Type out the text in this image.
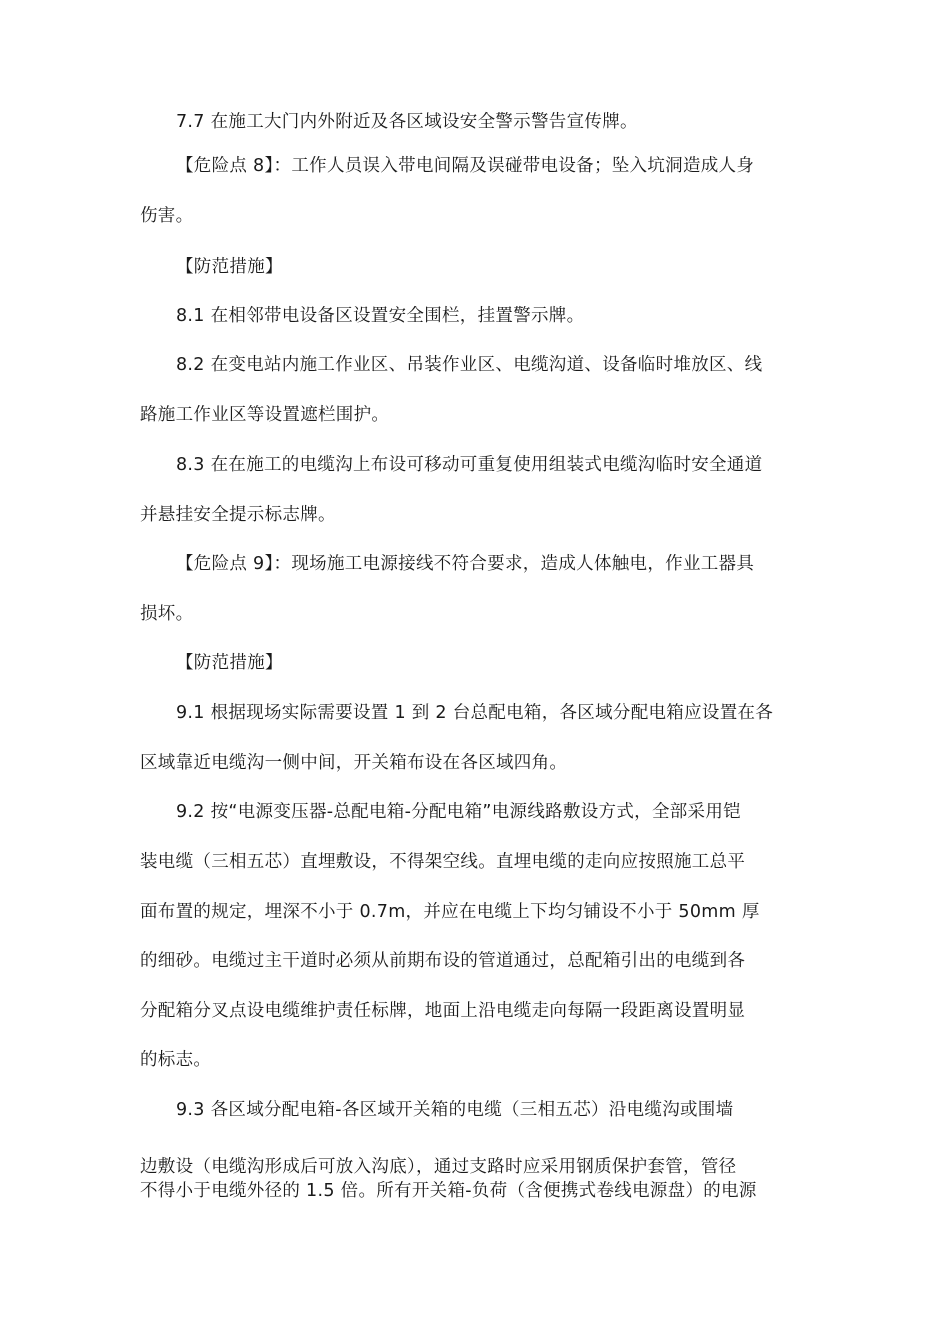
7.7 在施工大门内外附近及各区域设安全警示警告宣传牌。
【危险点 8】：工作人员误入带电间隔及误碰带电设备；坠入坑洞造成人身
伤害。
【防范措施】
8.1 在相邻带电设备区设置安全围栏，挂置警示牌。
8.2 在变电站内施工作业区、吊装作业区、电缆沟道、设备临时堆放区、线
路施工作业区等设置遮栏围护。
8.3 在在施工的电缆沟上布设可移动可重复使用组装式电缆沟临时安全通道
并悬挂安全提示标志牌。
【危险点 9】：现场施工电源接线不符合要求，造成人体触电，作业工器具
损坏。
【防范措施】
9.1 根据现场实际需要设置 1 到 2 台总配电箱，各区域分配电箱应设置在各
区域靠近电缆沟一侧中间，开关箱布设在各区域四角。
9.2 按“电源变压器-总配电箱-分配电箱”电源线路敷设方式，全部采用铠
装电缆（三相五芯）直埋敷设，不得架空线。直埋电缆的走向应按照施工总平
面布置的规定，埋深不小于 0.7m，并应在电缆上下均匀铺设不小于 50mm 厚
的细砂。电缆过主干道时必须从前期布设的管道通过，总配箱引出的电缆到各
分配箱分叉点设电缆维护责任标牌，地面上沿电缆走向每隔一段距离设置明显
的标志。
9.3 各区域分配电箱-各区域开关箱的电缆（三相五芯）沿电缆沟或围墙
边敷设（电缆沟形成后可放入沟底），通过支路时应采用钢质保护套管，管径
不得小于电缆外径的 1.5 倍。所有开关箱-负荷（含便携式卷线电源盘）的电源
